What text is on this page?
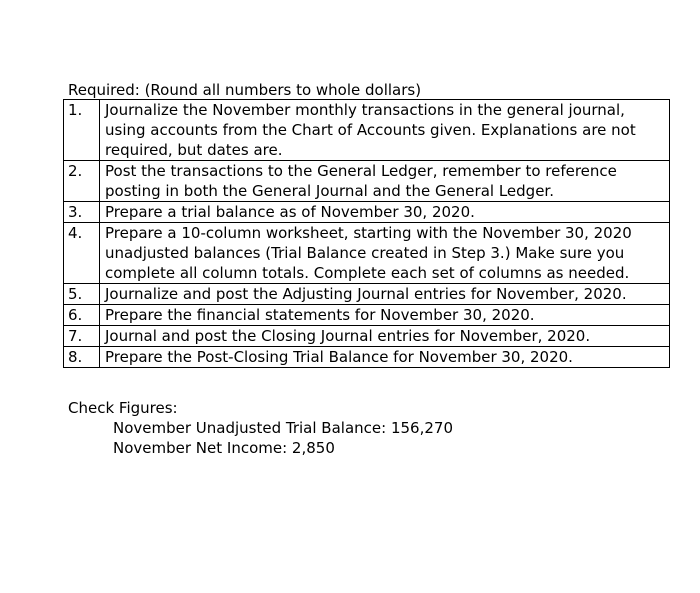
Required: (Round all numbers to whole dollars)
1.	Journalize the November monthly transactions in the general journal, using accounts from the Chart of Accounts given. Explanations are not required, but dates are.
2.	Post the transactions to the General Ledger, remember to reference posting in both the General Journal and the General Ledger.
3.	Prepare a trial balance as of November 30, 2020.
4.	Prepare a 10-column worksheet, starting with the November 30, 2020 unadjusted balances (Trial Balance created in Step 3.) Make sure you complete all column totals. Complete each set of columns as needed.
5.	Journalize and post the Adjusting Journal entries for November, 2020.
6.	Prepare the financial statements for November 30, 2020.
7.	Journal and post the Closing Journal entries for November, 2020.
8.	Prepare the Post-Closing Trial Balance for November 30, 2020.
Check Figures:
November Unadjusted Trial Balance: 156,270
November Net Income: 2,850
